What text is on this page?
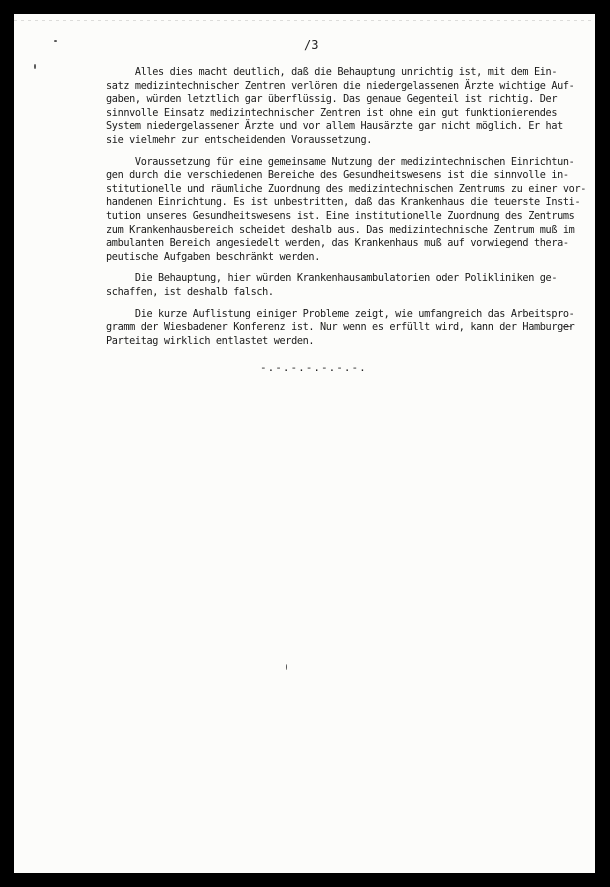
/3

Alles dies macht deutlich, daß die Behauptung unrichtig ist, mit dem Ein-
satz medizintechnischer Zentren verlören die niedergelassenen Ärzte wichtige Auf-
gaben, würden letztlich gar überflüssig. Das genaue Gegenteil ist richtig. Der
sinnvolle Einsatz medizintechnischer Zentren ist ohne ein gut funktionierendes
System niedergelassener Ärzte und vor allem Hausärzte gar nicht möglich. Er hat
sie vielmehr zur entscheidenden Voraussetzung.

Voraussetzung für eine gemeinsame Nutzung der medizintechnischen Einrichtun-
gen durch die verschiedenen Bereiche des Gesundheitswesens ist die sinnvolle in-
stitutionelle und räumliche Zuordnung des medizintechnischen Zentrums zu einer vor-
handenen Einrichtung. Es ist unbestritten, daß das Krankenhaus die teuerste Insti-
tution unseres Gesundheitswesens ist. Eine institutionelle Zuordnung des Zentrums
zum Krankenhausbereich scheidet deshalb aus. Das medizintechnische Zentrum muß im
ambulanten Bereich angesiedelt werden, das Krankenhaus muß auf vorwiegend thera-
peutische Aufgaben beschränkt werden.

Die Behauptung, hier würden Krankenhausambulatorien oder Polikliniken ge-
schaffen, ist deshalb falsch.

Die kurze Auflistung einiger Probleme zeigt, wie umfangreich das Arbeitspro-
gramm der Wiesbadener Konferenz ist. Nur wenn es erfüllt wird, kann der Hamburger
Parteitag wirklich entlastet werden.

-.-.-.-.-.-.-.
